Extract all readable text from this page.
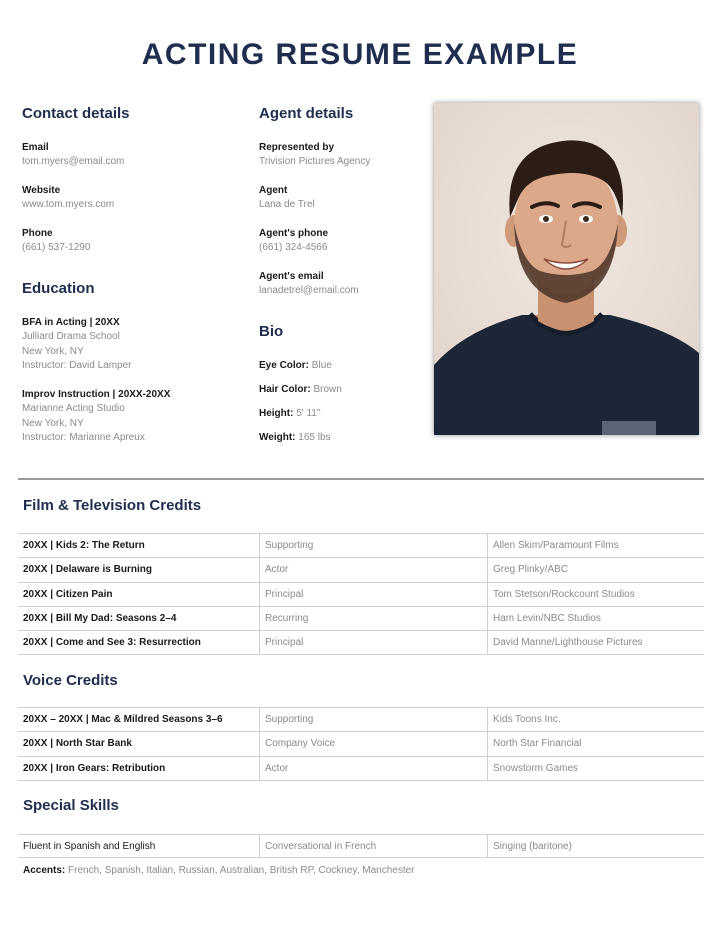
ACTING RESUME EXAMPLE
Contact details
Email
tom.myers@email.com
Website
www.tom.myers.com
Phone
(661) 537-1290
Education
BFA in Acting | 20XX
Julliard Drama School
New York, NY
Instructor: David Lamper
Improv Instruction | 20XX-20XX
Marianne Acting Studio
New York, NY
Instructor: Marianne Apreux
Agent details
Represented by
Trivision Pictures Agency
Agent
Lana de Trel
Agent's phone
(661) 324-4566
Agent's email
lanadetrel@email.com
Bio
Eye Color: Blue
Hair Color: Brown
Height: 5' 11''
Weight: 165 lbs
Film & Television Credits
20XX | Kids 2: The Return	Supporting	Allen Skim/Paramount Films
20XX | Delaware is Burning	Actor	Greg Plinky/ABC
20XX | Citizen Pain	Principal	Tom Stetson/Rockcount Studios
20XX | Bill My Dad: Seasons 2–4	Recurring	Ham Levin/NBC Studios
20XX | Come and See 3: Resurrection	Principal	David Manne/Lighthouse Pictures
Voice Credits
20XX – 20XX | Mac & Mildred Seasons 3–6	Supporting	Kids Toons Inc.
20XX | North Star Bank	Company Voice	North Star Financial
20XX | Iron Gears: Retribution	Actor	Snowstorm Games
Special Skills
Fluent in Spanish and English	Conversational in French	Singing (baritone)
Accents: French, Spanish, Italian, Russian, Australian, British RP, Cockney, Manchester
